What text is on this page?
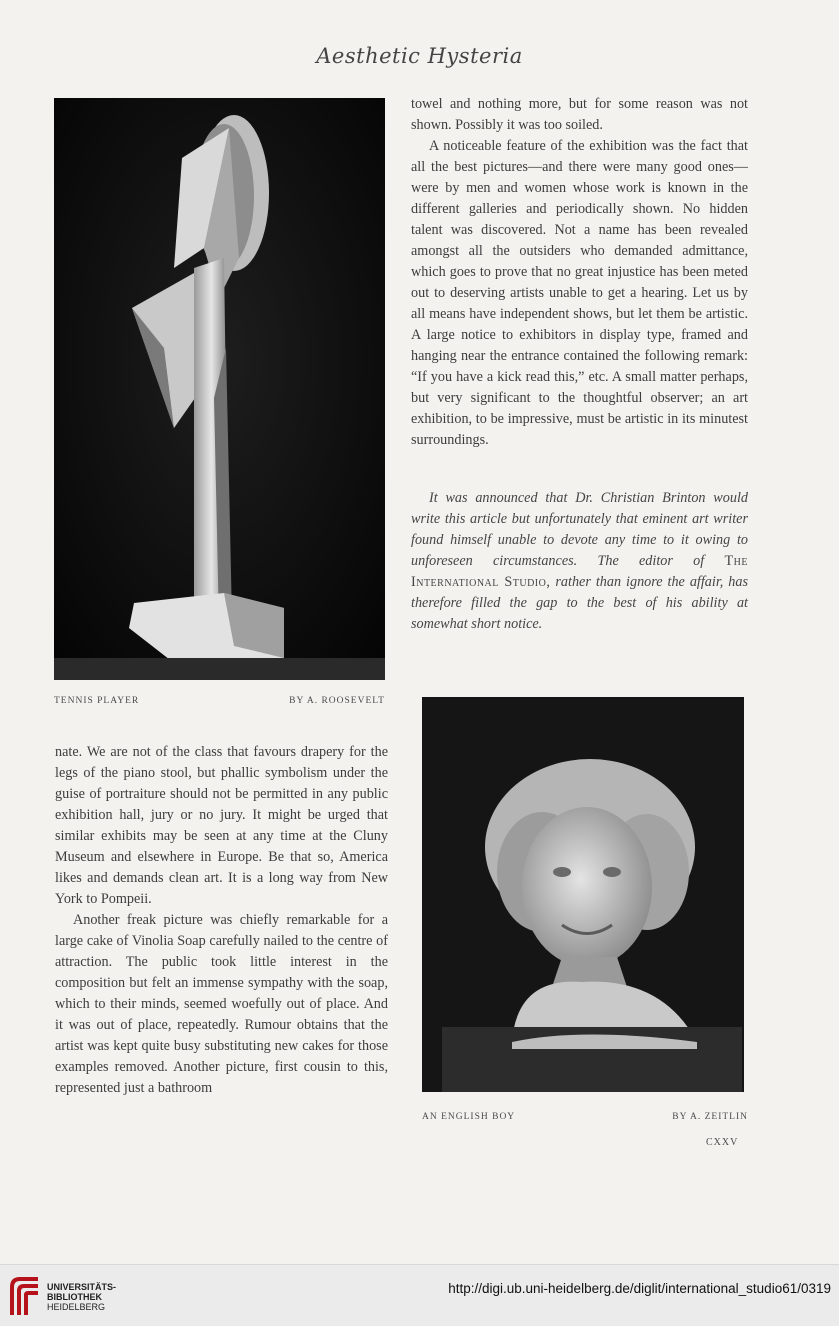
Aesthetic Hysteria
TENNIS PLAYER	BY A. ROOSEVELT

towel and nothing more, but for some reason was not shown. Possibly it was too soiled.

A noticeable feature of the exhibition was the fact that all the best pictures—and there were many good ones—were by men and women whose work is known in the different galleries and periodically shown. No hidden talent was discovered. Not a name has been revealed amongst all the outsiders who demanded admittance, which goes to prove that no great injustice has been meted out to deserving artists unable to get a hearing. Let us by all means have independent shows, but let them be artistic. A large notice to exhibitors in display type, framed and hanging near the entrance contained the following remark: “If you have a kick read this,” etc. A small matter perhaps, but very significant to the thoughtful observer; an art exhibition, to be impressive, must be artistic in its minutest surroundings.

It was announced that Dr. Christian Brinton would write this article but unfortunately that eminent art writer found himself unable to devote any time to it owing to unforeseen circumstances. The editor of The International Studio, rather than ignore the affair, has therefore filled the gap to the best of his ability at somewhat short notice.
AN ENGLISH BOY	BY A. ZEITLIN

nate. We are not of the class that favours drapery for the legs of the piano stool, but phallic symbolism under the guise of portraiture should not be permitted in any public exhibition hall, jury or no jury. It might be urged that similar exhibits may be seen at any time at the Cluny Museum and elsewhere in Europe. Be that so, America likes and demands clean art. It is a long way from New York to Pompeii.

Another freak picture was chiefly remarkable for a large cake of Vinolia Soap carefully nailed to the centre of attraction. The public took little interest in the composition but felt an immense sympathy with the soap, which to their minds, seemed woefully out of place. And it was out of place, repeatedly. Rumour obtains that the artist was kept quite busy substituting new cakes for those examples removed. Another picture, first cousin to this, represented just a bathroom

CXXV
UNIVERSITÄTS-
BIBLIOTHEK
HEIDELBERG
http://digi.ub.uni-heidelberg.de/diglit/international_studio61/0319
